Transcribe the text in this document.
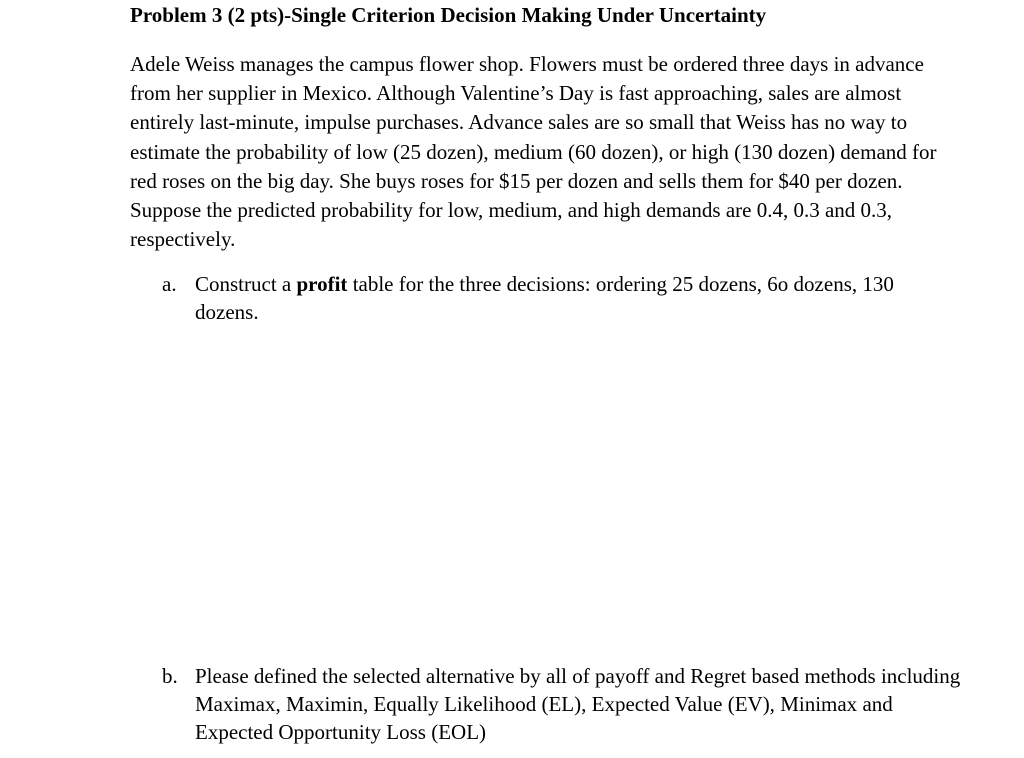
Problem 3 (2 pts)-Single Criterion Decision Making Under Uncertainty

Adele Weiss manages the campus flower shop. Flowers must be ordered three days in advance
from her supplier in Mexico. Although Valentine’s Day is fast approaching, sales are almost
entirely last-minute, impulse purchases. Advance sales are so small that Weiss has no way to
estimate the probability of low (25 dozen), medium (60 dozen), or high (130 dozen) demand for
red roses on the big day. She buys roses for $15 per dozen and sells them for $40 per dozen.
Suppose the predicted probability for low, medium, and high demands are 0.4, 0.3 and 0.3,
respectively.

a. Construct a profit table for the three decisions: ordering 25 dozens, 6o dozens, 130
dozens.
b. Please defined the selected alternative by all of payoff and Regret based methods including
Maximax, Maximin, Equally Likelihood (EL), Expected Value (EV), Minimax and
Expected Opportunity Loss (EOL)
